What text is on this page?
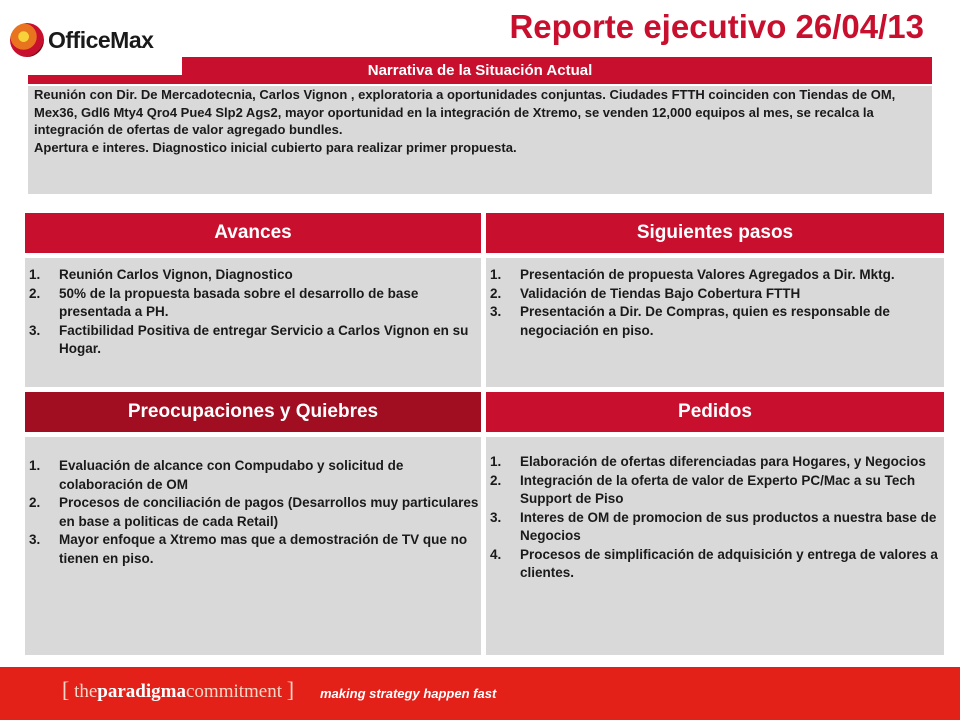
OfficeMax	Reporte ejecutivo 26/04/13
Narrativa de la Situación Actual

Reunión con Dir. De Mercadotecnia, Carlos Vignon , exploratoria a oportunidades conjuntas. Ciudades FTTH coinciden con Tiendas de OM, Mex36, Gdl6 Mty4 Qro4 Pue4 Slp2 Ags2, mayor oportunidad en la integración de Xtremo, se venden 12,000 equipos al mes, se recalca la integración de ofertas de valor agregado bundles.

Apertura e interes. Diagnostico inicial cubierto para realizar primer propuesta.

Avances
1. Reunión Carlos Vignon, Diagnostico
2. 50% de la propuesta basada sobre el desarrollo de base presentada a PH.
3. Factibilidad Positiva de entregar Servicio a Carlos Vignon en su Hogar.
Siguientes pasos
1. Presentación de propuesta Valores Agregados a Dir. Mktg.
2. Validación de Tiendas Bajo Cobertura FTTH
3. Presentación a Dir. De Compras, quien es responsable de negociación en piso.
Preocupaciones y Quiebres
1. Evaluación de alcance con Compudabo y solicitud de colaboración de OM
2. Procesos de conciliación de pagos (Desarrollos muy particulares en base a politicas de cada Retail)
3. Mayor enfoque a Xtremo mas que a demostración de TV que no tienen en piso.
Pedidos
1. Elaboración de ofertas diferenciadas para Hogares, y Negocios
2. Integración de la oferta de valor de Experto PC/Mac a su Tech Support de Piso
3. Interes de OM de promocion de sus productos a nuestra base de Negocios
4. Procesos de simplificación de adquisición y entrega de valores a clientes.
[ theparadigmacommitment ] making strategy happen fast
